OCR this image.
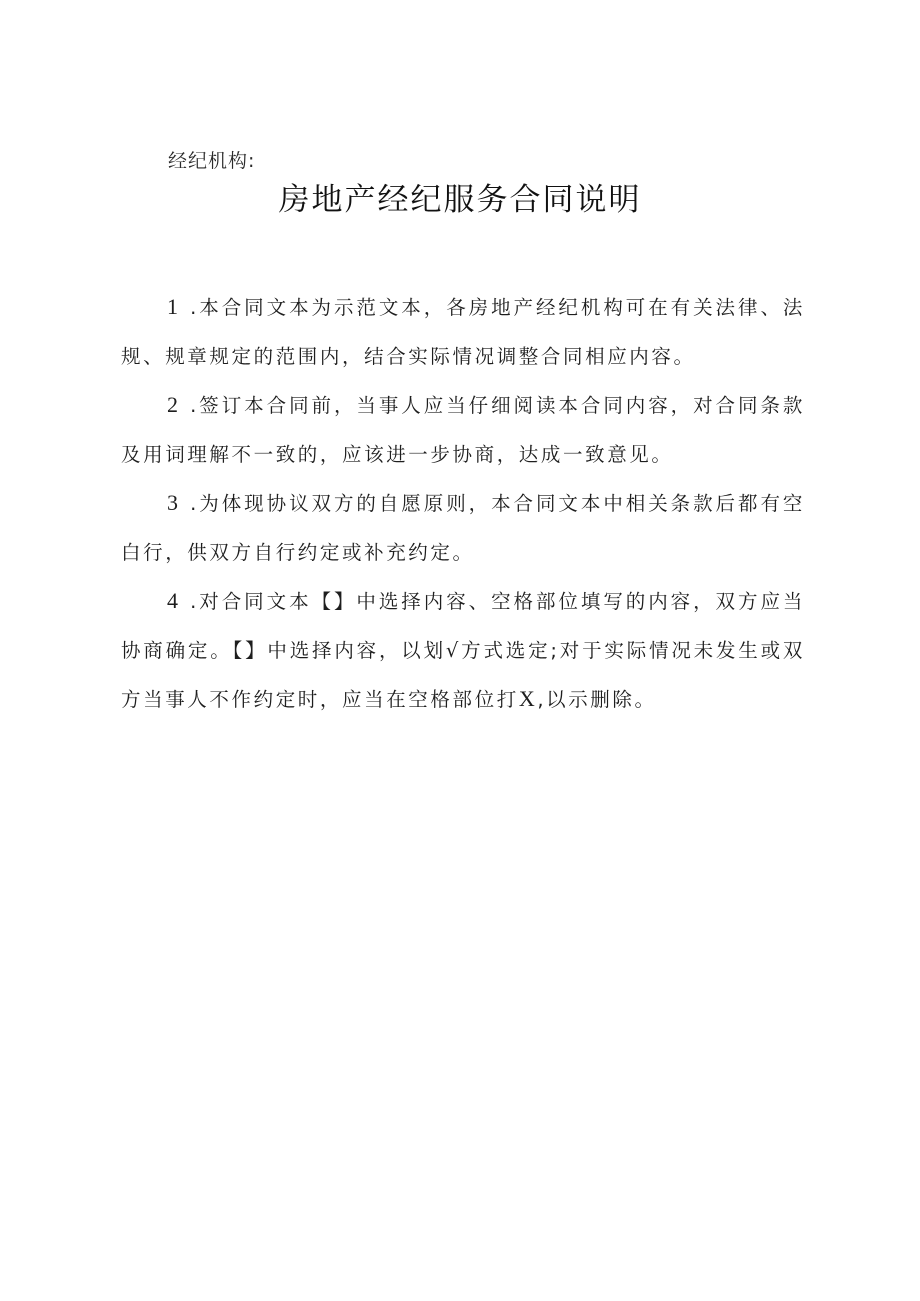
经纪机构:
房地产经纪服务合同说明

1 .本合同文本为示范文本，各房地产经纪机构可在有关法律、法规、规章规定的范围内，结合实际情况调整合同相应内容。

2 .签订本合同前，当事人应当仔细阅读本合同内容，对合同条款及用词理解不一致的，应该进一步协商，达成一致意见。

3 .为体现协议双方的自愿原则，本合同文本中相关条款后都有空白行，供双方自行约定或补充约定。

4 .对合同文本【】中选择内容、空格部位填写的内容，双方应当协商确定。【】中选择内容，以划√方式选定;对于实际情况未发生或双方当事人不作约定时，应当在空格部位打X,以示删除。
